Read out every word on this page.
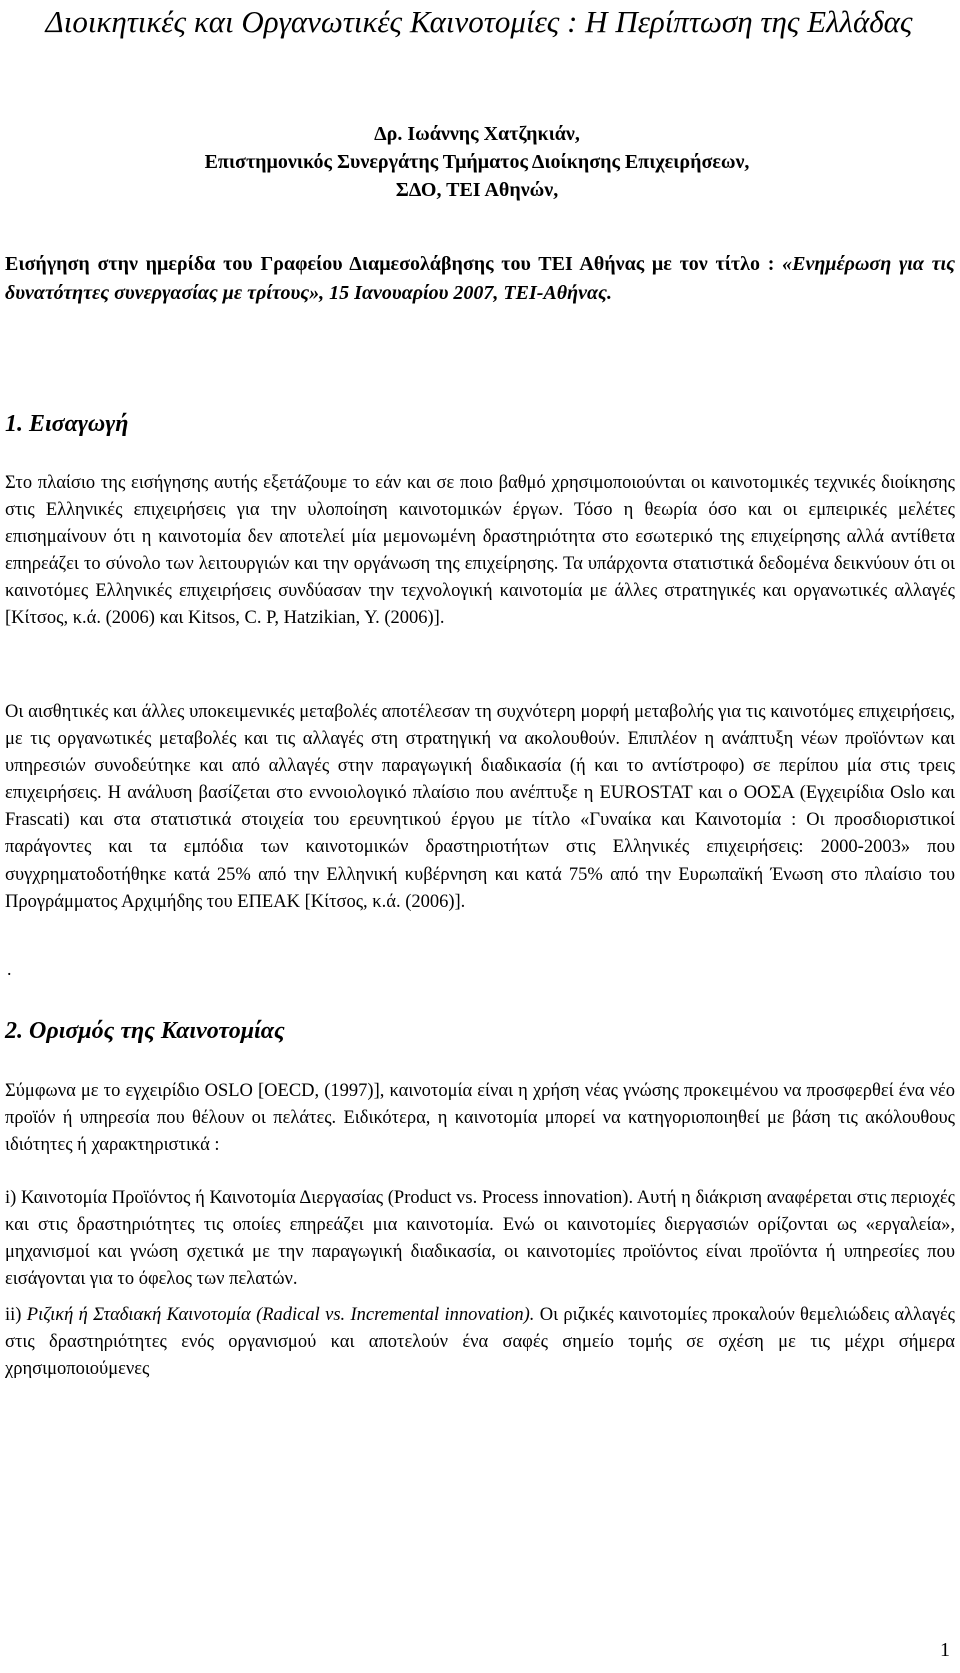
Διοικητικές και Οργανωτικές Καινοτομίες : Η Περίπτωση της Ελλάδας
Δρ. Ιωάννης Χατζηκιάν,
Επιστημονικός Συνεργάτης Τμήματος Διοίκησης Επιχειρήσεων,
ΣΔΟ, ΤΕΙ Αθηνών,
Εισήγηση στην ημερίδα του Γραφείου Διαμεσολάβησης του ΤΕΙ Αθήνας με τον τίτλο : «Ενημέρωση για τις δυνατότητες συνεργασίας με τρίτους», 15 Ιανουαρίου 2007, ΤΕΙ-Αθήνας.
1. Εισαγωγή

Στο πλαίσιο της εισήγησης αυτής εξετάζουμε το εάν και σε ποιο βαθμό χρησιμοποιούνται οι καινοτομικές τεχνικές διοίκησης στις Ελληνικές επιχειρήσεις για την υλοποίηση καινοτομικών έργων. Τόσο η θεωρία όσο και οι εμπειρικές μελέτες επισημαίνουν ότι η καινοτομία δεν αποτελεί μία μεμονωμένη δραστηριότητα στο εσωτερικό της επιχείρησης αλλά αντίθετα επηρεάζει το σύνολο των λειτουργιών και την οργάνωση της επιχείρησης. Τα υπάρχοντα στατιστικά δεδομένα δεικνύουν ότι οι καινοτόμες Ελληνικές επιχειρήσεις συνδύασαν την τεχνολογική καινοτομία με άλλες στρατηγικές και οργανωτικές αλλαγές [Κίτσος, κ.ά. (2006) και Kitsos, C. P, Hatzikian, Y. (2006)].

Οι αισθητικές και άλλες υποκειμενικές μεταβολές αποτέλεσαν τη συχνότερη μορφή μεταβολής για τις καινοτόμες επιχειρήσεις, με τις οργανωτικές μεταβολές και τις αλλαγές στη στρατηγική να ακολουθούν. Επιπλέον η ανάπτυξη νέων προϊόντων και υπηρεσιών συνοδεύτηκε και από αλλαγές στην παραγωγική διαδικασία (ή και το αντίστροφο) σε περίπου μία στις τρεις επιχειρήσεις. Η ανάλυση βασίζεται στο εννοιολογικό πλαίσιο που ανέπτυξε η EUROSTAT και ο ΟΟΣΑ (Εγχειρίδια Oslo και Frascati) και στα στατιστικά στοιχεία του ερευνητικού έργου με τίτλο «Γυναίκα και Καινοτομία : Οι προσδιοριστικοί παράγοντες και τα εμπόδια των καινοτομικών δραστηριοτήτων στις Ελληνικές επιχειρήσεις: 2000-2003» που συγχρηματοδοτήθηκε κατά 25% από την Ελληνική κυβέρνηση και κατά 75% από την Ευρωπαϊκή Ένωση στο πλαίσιο του Προγράμματος Αρχιμήδης του ΕΠΕΑΚ [Κίτσος, κ.ά. (2006)].

.
2. Ορισμός της Καινοτομίας

Σύμφωνα με το εγχειρίδιο OSLO [OECD, (1997)], καινοτομία είναι η χρήση νέας γνώσης προκειμένου να προσφερθεί ένα νέο προϊόν ή υπηρεσία που θέλουν οι πελάτες. Ειδικότερα, η καινοτομία μπορεί να κατηγοριοποιηθεί με βάση τις ακόλουθους ιδιότητες ή χαρακτηριστικά :

i) Καινοτομία Προϊόντος ή Καινοτομία Διεργασίας (Product vs. Process innovation). Αυτή η διάκριση αναφέρεται στις περιοχές και στις δραστηριότητες τις οποίες επηρεάζει μια καινοτομία. Ενώ οι καινοτομίες διεργασιών ορίζονται ως «εργαλεία», μηχανισμοί και γνώση σχετικά με την παραγωγική διαδικασία, οι καινοτομίες προϊόντος είναι προϊόντα ή υπηρεσίες που εισάγονται για το όφελος των πελατών.

ii) Ριζική ή Σταδιακή Καινοτομία (Radical vs. Incremental innovation). Οι ριζικές καινοτομίες προκαλούν θεμελιώδεις αλλαγές στις δραστηριότητες ενός οργανισμού και αποτελούν ένα σαφές σημείο τομής σε σχέση με τις μέχρι σήμερα χρησιμοποιούμενες

1
